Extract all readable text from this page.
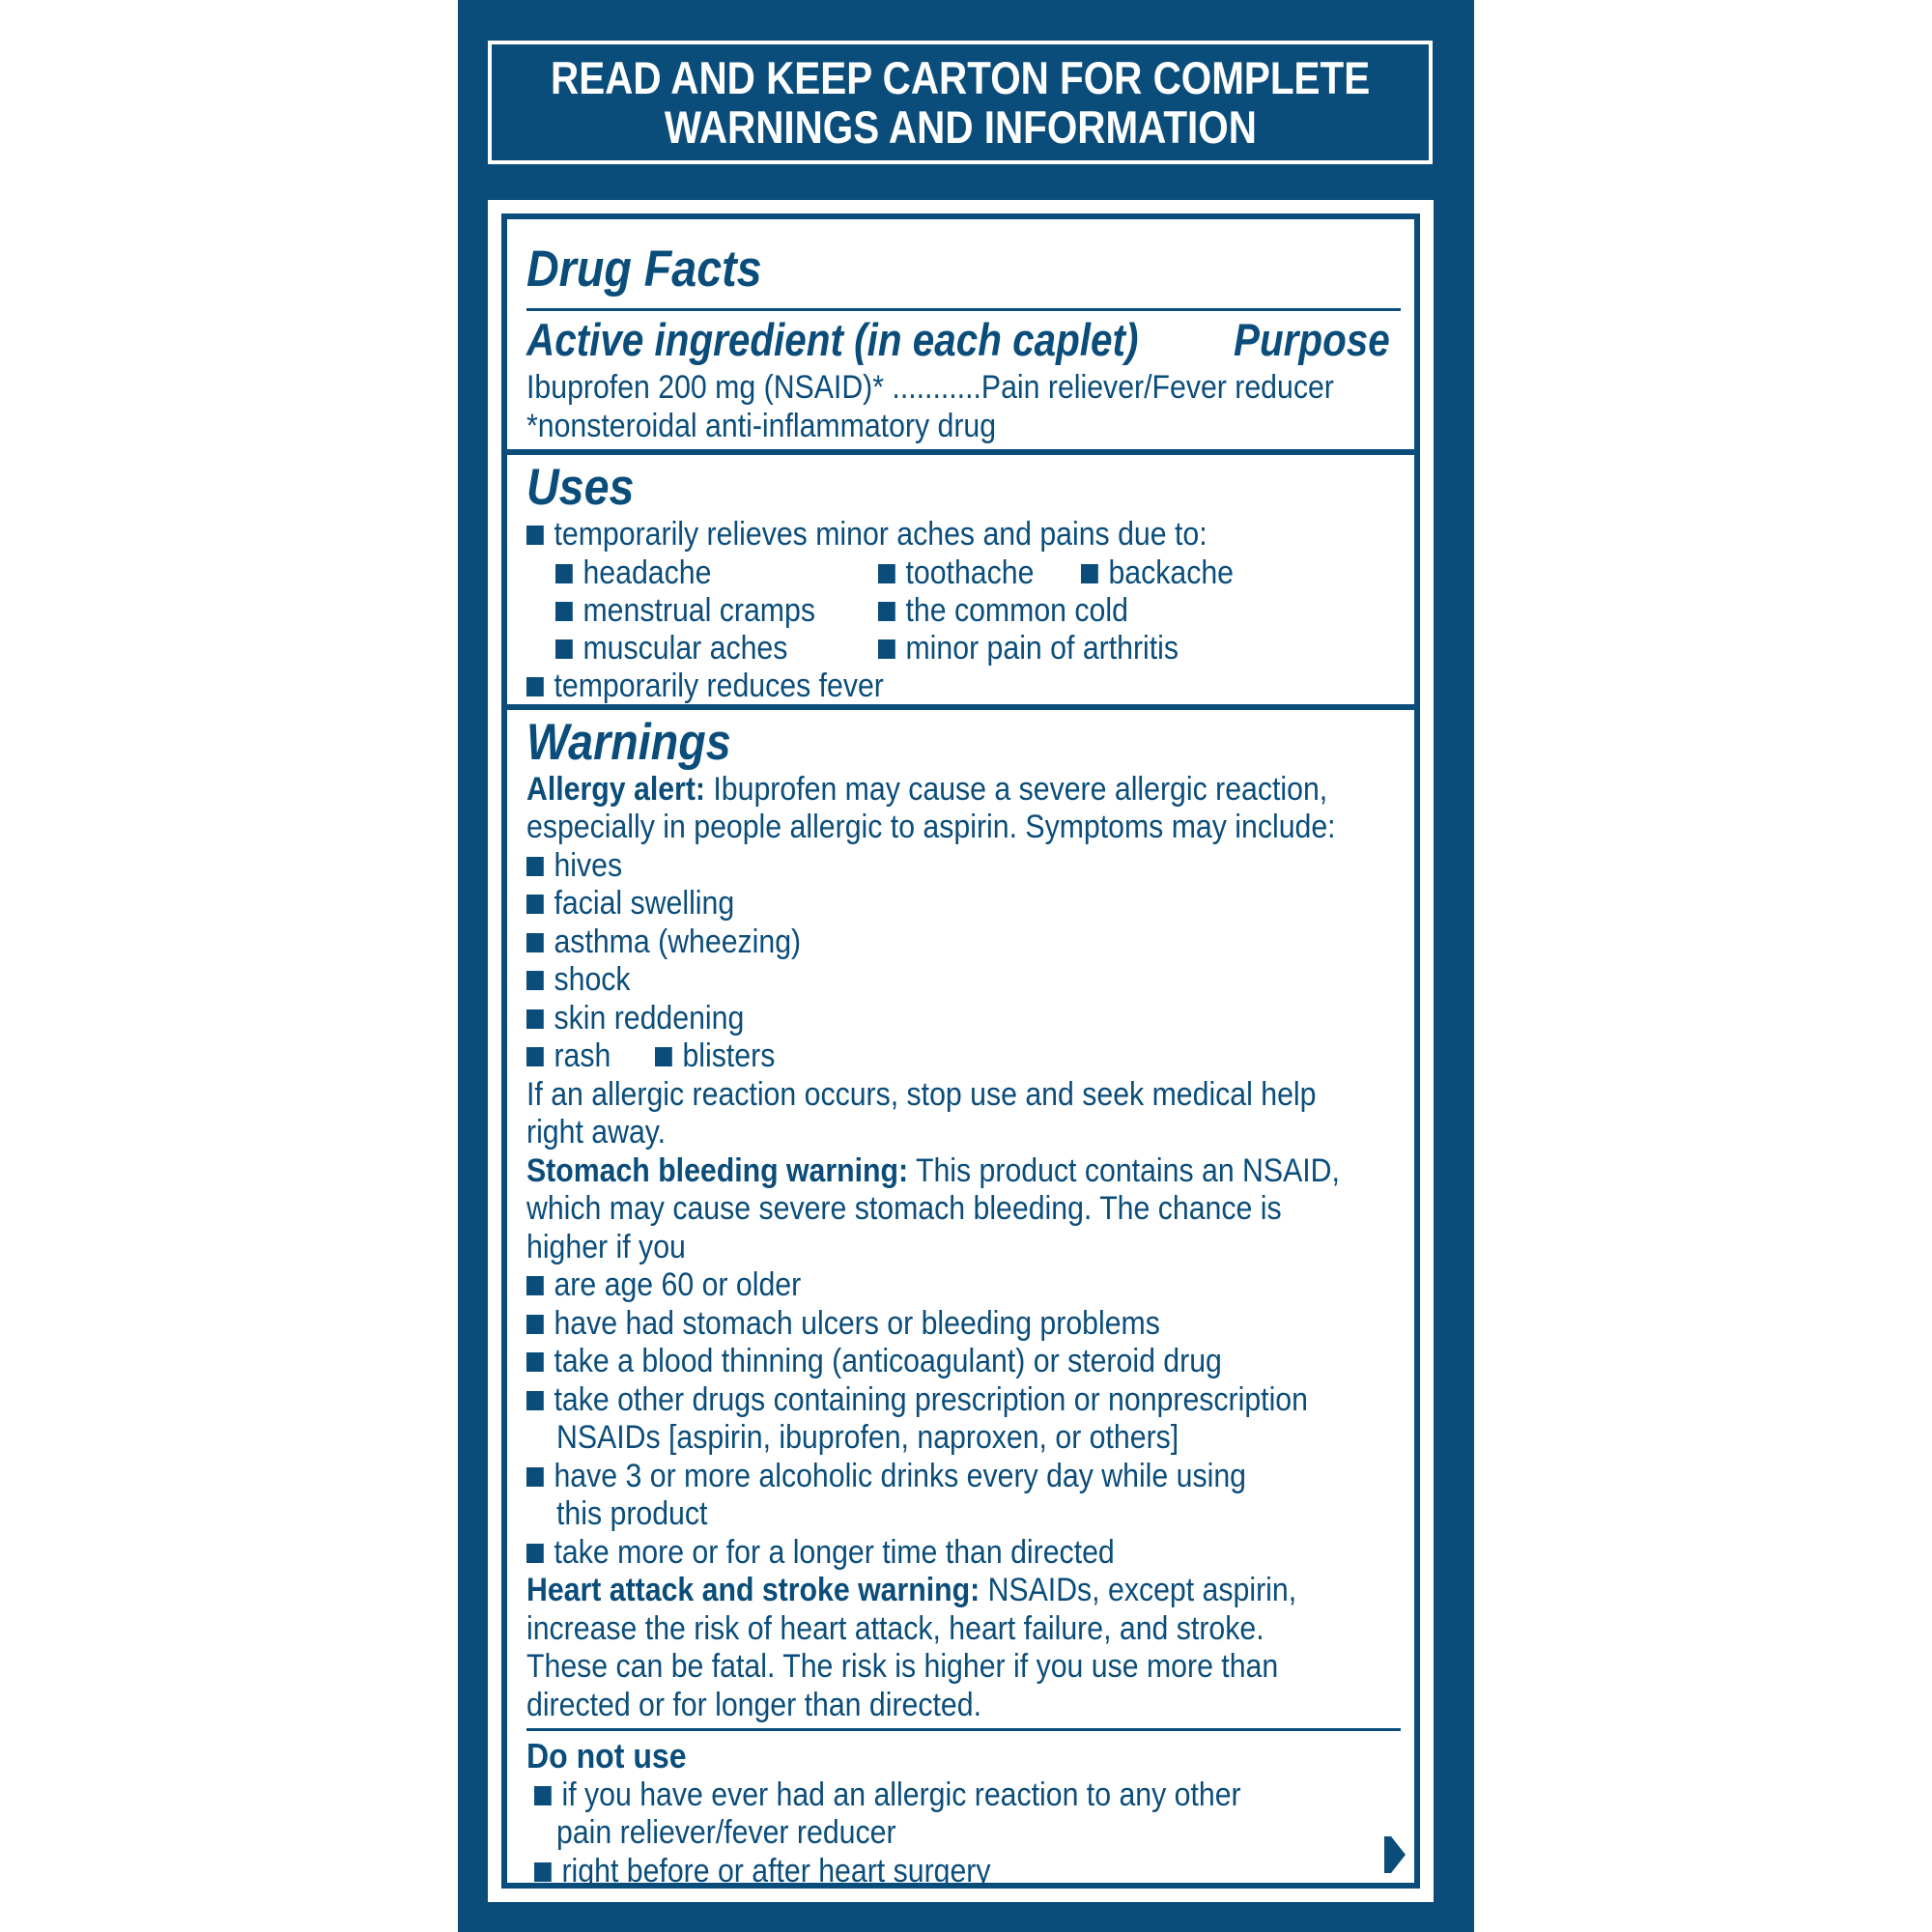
READ AND KEEP CARTON FOR COMPLETE
WARNINGS AND INFORMATION
Drug Facts
Active ingredient (in each caplet) Purpose
Ibuprofen 200 mg (NSAID)* ...........Pain reliever/Fever reducer
*nonsteroidal anti-inflammatory drug
Uses
temporarily relieves minor aches and pains due to:
headache	toothache	backache
menstrual cramps	the common cold
muscular aches	minor pain of arthritis
temporarily reduces fever
Warnings
Allergy alert: Ibuprofen may cause a severe allergic reaction,
especially in people allergic to aspirin. Symptoms may include:
hives
facial swelling
asthma (wheezing)
shock
skin reddening
rash	blisters
If an allergic reaction occurs, stop use and seek medical help
right away.
Stomach bleeding warning: This product contains an NSAID,
which may cause severe stomach bleeding. The chance is
higher if you
are age 60 or older
have had stomach ulcers or bleeding problems
take a blood thinning (anticoagulant) or steroid drug
take other drugs containing prescription or nonprescription
NSAIDs [aspirin, ibuprofen, naproxen, or others]
have 3 or more alcoholic drinks every day while using
this product
take more or for a longer time than directed
Heart attack and stroke warning: NSAIDs, except aspirin,
increase the risk of heart attack, heart failure, and stroke.
These can be fatal. The risk is higher if you use more than
directed or for longer than directed.
Do not use
if you have ever had an allergic reaction to any other
pain reliever/fever reducer
right before or after heart surgery
